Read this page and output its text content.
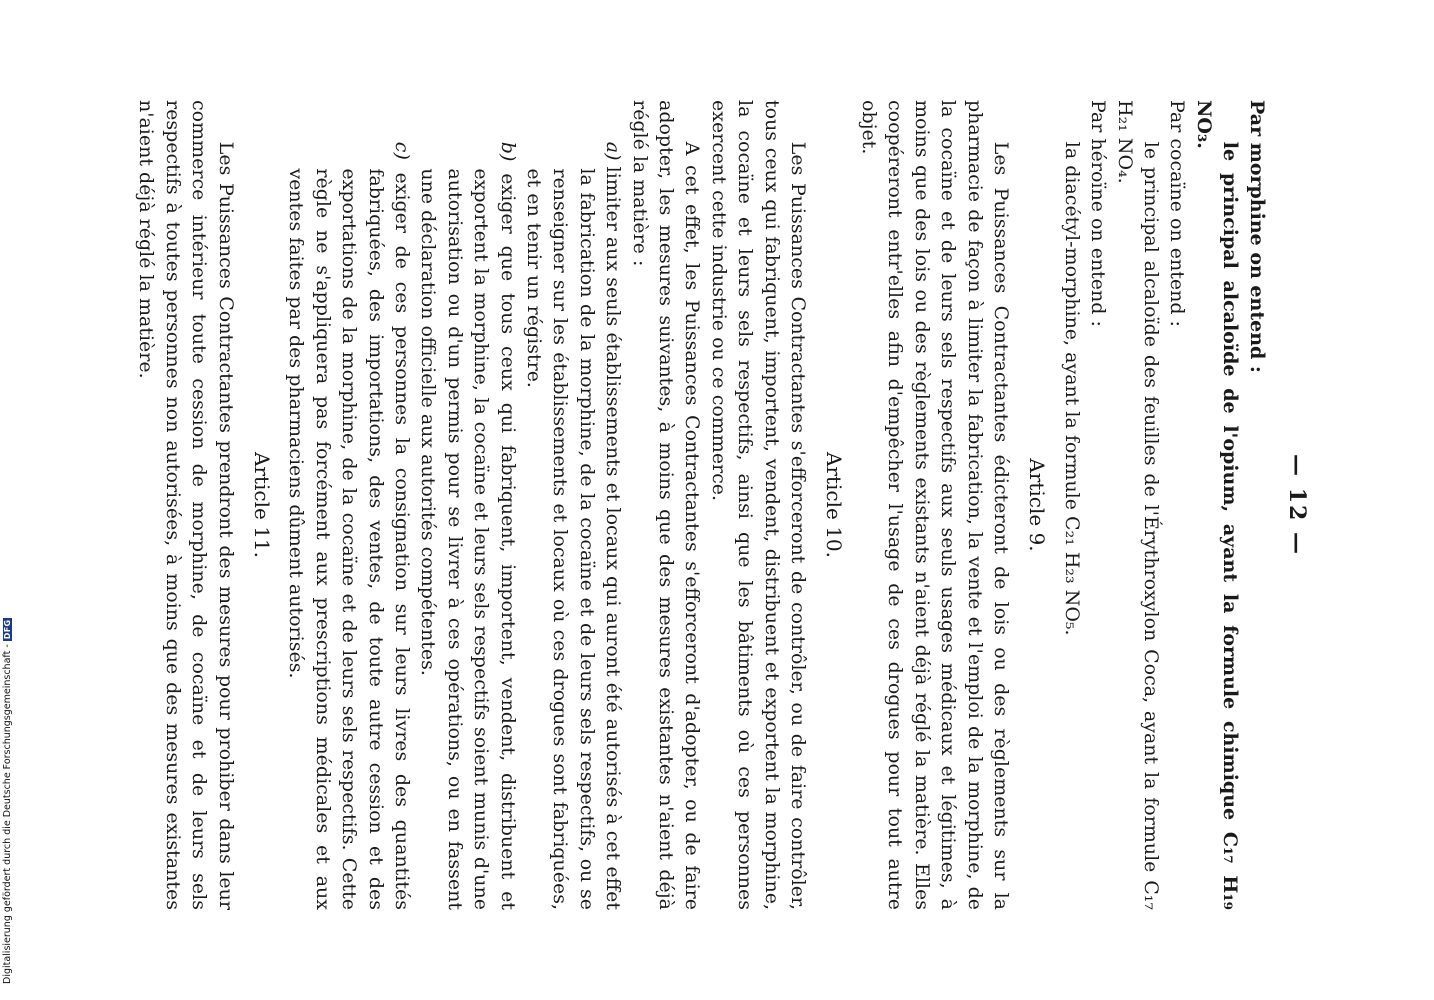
— 12 —

Par morphine on entend :

le principal alcaloïde de l'opium, ayant la formule chimique C₁₇ H₁₉ NO₃.

Par cocaïne on entend :

le principal alcaloïde des feuilles de l'Érythroxylon Coca, ayant la formule C₁₇ H₂₁ NO₄.

Par héroïne on entend :

la diacétyl-morphine, ayant la formule C₂₁ H₂₃ NO₅.

Article 9.

Les Puissances Contractantes édicteront de lois ou des règlements sur la pharmacie de façon à limiter la fabrication, la vente et l'emploi de la morphine, de la cocaïne et de leurs sels respectifs aux seuls usages médicaux et légitimes, à moins que des lois ou des règlements existants n'aient déjà réglé la matière. Elles coopéreront entr'elles afin d'empêcher l'usage de ces drogues pour tout autre objet.

Article 10.

Les Puissances Contractantes s'efforceront de contrôler, ou de faire contrôler, tous ceux qui fabriquent, importent, vendent, distribuent et exportent la morphine, la cocaïne et leurs sels respectifs, ainsi que les bâtiments où ces personnes exercent cette industrie ou ce commerce.

A cet effet, les Puissances Contractantes s'efforceront d'adopter, ou de faire adopter, les mesures suivantes, à moins que des mesures existantes n'aient déjà réglé la matière :

a) limiter aux seuls établissements et locaux qui auront été autorisés à cet effet la fabrication de la morphine, de la cocaïne et de leurs sels respectifs, ou se renseigner sur les établissements et locaux où ces drogues sont fabriquées, et en tenir un régistre.

b) exiger que tous ceux qui fabriquent, importent, vendent, distribuent et exportent la morphine, la cocaïne et leurs sels respectifs soient munis d'une autorisation ou d'un permis pour se livrer à ces opérations, ou en fassent une déclaration officielle aux autorités compétentes.

c) exiger de ces personnes la consignation sur leurs livres des quantités fabriquées, des importations, des ventes, de toute autre cession et des exportations de la morphine, de la cocaïne et de leurs sels respectifs. Cette règle ne s'appliquera pas forcément aux prescriptions médicales et aux ventes faites par des pharmaciens dûment autorisés.

Article 11.

Les Puissances Contractantes prendront des mesures pour prohiber dans leur commerce intérieur toute cession de morphine, de cocaïne et de leurs sels respectifs à toutes personnes non autorisées, à moins que des mesures existantes n'aient déjà réglé la matière.

Digitalisierung gefördert durch die Deutsche Forschungsgemeinschaft -
DFG
